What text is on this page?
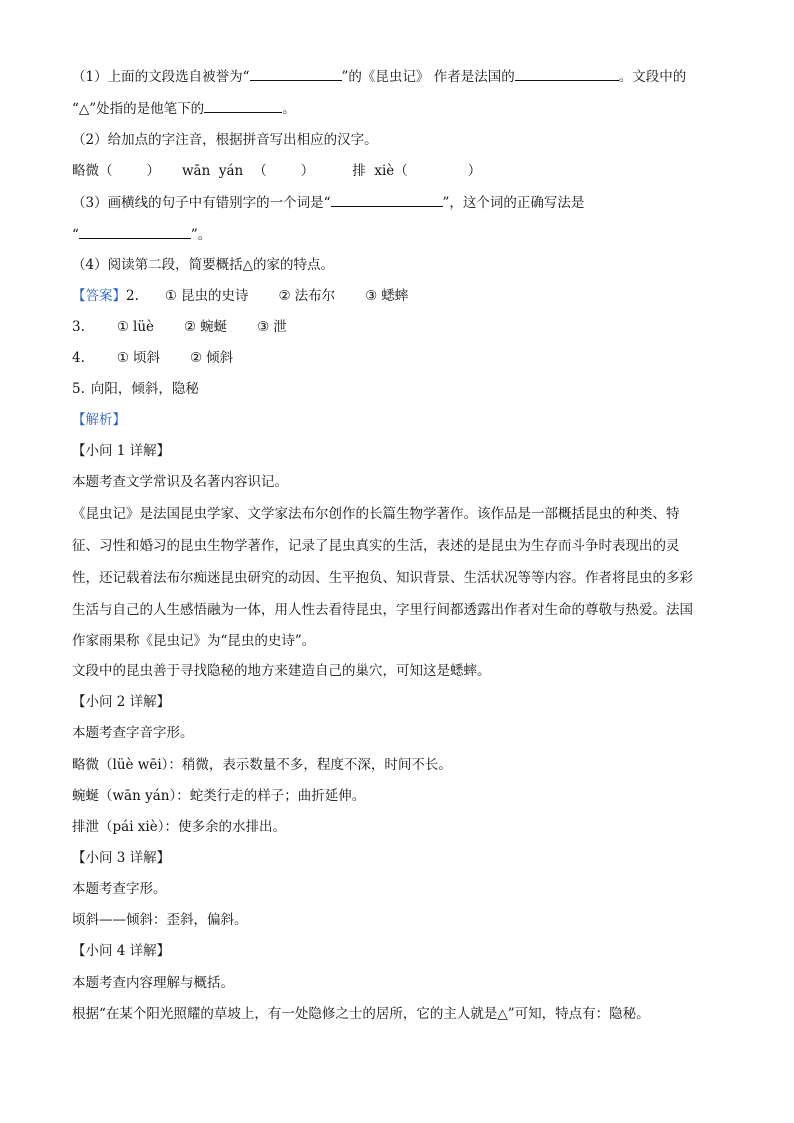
（1）上面的文段选自被誉为“	”的《昆虫记》 作者是法国的	。文段中的
“△”处指的是他笔下的	。
（2）给加点的字注音，根据拼音写出相应的汉字。
略微（	） wān  yán （	）	排  xiè（	）
（3）画横线的句子中有错别字的一个词是“	”，这个词的正确写法是
“	”。
（4）阅读第二段，简要概括△的家的特点。
【答案】2. ① 昆虫的史诗 ② 法布尔 ③ 蟋蟀
3. ① lüè ② 蜿蜒 ③ 泄
4. ① 顷斜 ② 倾斜
5. 向阳，倾斜，隐秘
【解析】
【小问 1 详解】
本题考查文学常识及名著内容识记。
《昆虫记》是法国昆虫学家、文学家法布尔创作的长篇生物学著作。该作品是一部概括昆虫的种类、特
征、习性和婚习的昆虫生物学著作，记录了昆虫真实的生活，表述的是昆虫为生存而斗争时表现出的灵
性，还记载着法布尔痴迷昆虫研究的动因、生平抱负、知识背景、生活状况等等内容。作者将昆虫的多彩
生活与自己的人生感悟融为一体，用人性去看待昆虫，字里行间都透露出作者对生命的尊敬与热爱。法国
作家雨果称《昆虫记》为“昆虫的史诗”。
文段中的昆虫善于寻找隐秘的地方来建造自己的巢穴，可知这是蟋蟀。
【小问 2 详解】
本题考查字音字形。
略微（lüè wēi）：稍微，表示数量不多，程度不深，时间不长。
蜿蜒（wān yán）：蛇类行走的样子；曲折延伸。
排泄（pái xiè）：使多余的水排出。
【小问 3 详解】
本题考查字形。
顷斜——倾斜：歪斜，偏斜。
【小问 4 详解】
本题考查内容理解与概括。
根据“在某个阳光照耀的草坡上，有一处隐修之士的居所，它的主人就是△”可知，特点有：隐秘。
